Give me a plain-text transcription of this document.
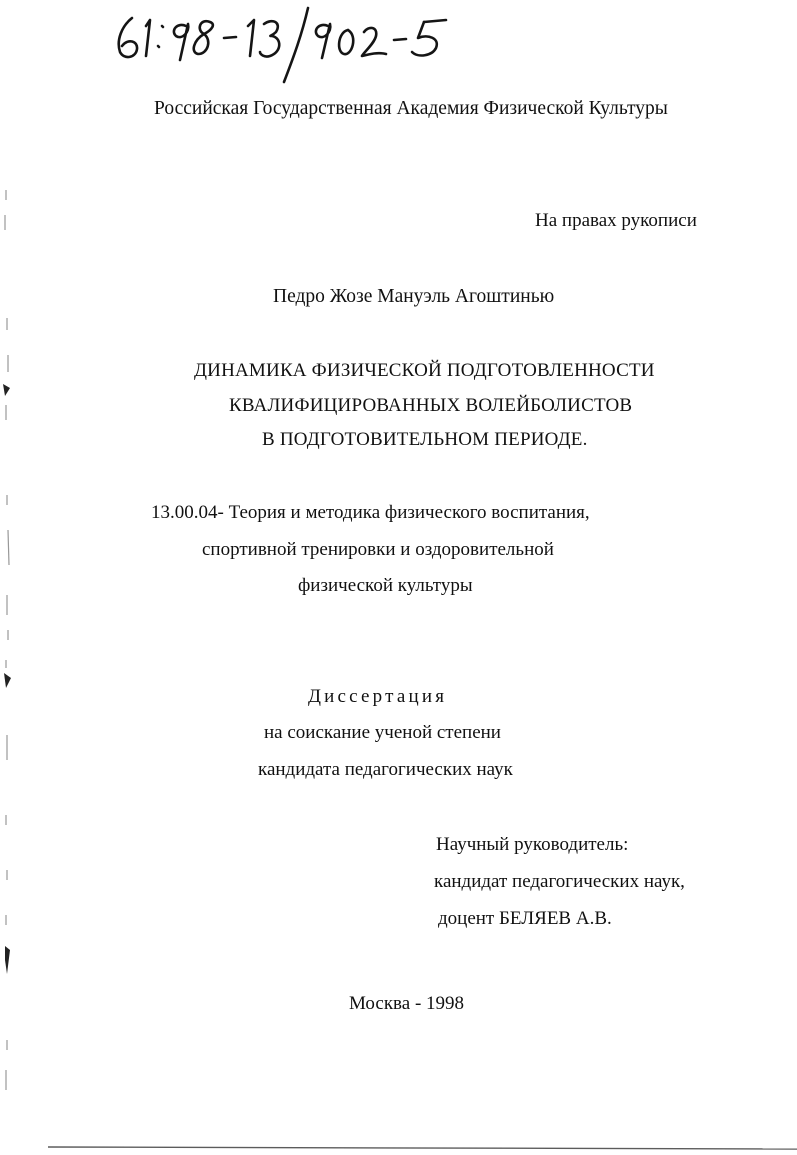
Российская Государственная Академия Физической Культуры
На правах рукописи
Педро Жозе Мануэль Агоштинью
ДИНАМИКА ФИЗИЧЕСКОЙ ПОДГОТОВЛЕННОСТИ
КВАЛИФИЦИРОВАННЫХ ВОЛЕЙБОЛИСТОВ
В ПОДГОТОВИТЕЛЬНОМ ПЕРИОДЕ.
13.00.04- Теория и методика физического воспитания,
спортивной тренировки и оздоровительной
физической культуры
Диссертация
на соискание ученой степени
кандидата педагогических наук
Научный руководитель:
кандидат педагогических наук,
доцент БЕЛЯЕВ А.В.
Москва - 1998
